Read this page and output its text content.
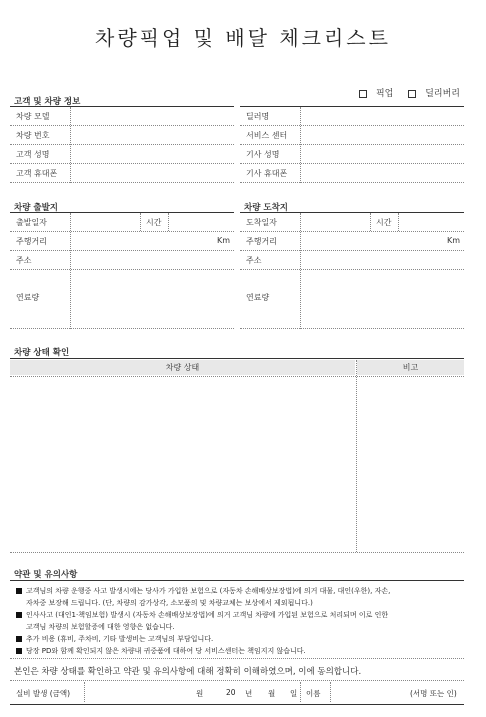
차량픽업 및 배달 체크리스트
픽업	딜리버리
고객 및 차량 정보
차량 모델
차량 번호
고객 성명
고객 휴대폰
딜러명
서비스 센터
기사 성명
기사 휴대폰
차량 출발지	차량 도착지
출발일자	시간
주행거리	Km
주소
연료량
도착일자	시간
주행거리	Km
주소
연료량
차량 상태 확인
차량 상태	비고
약관 및 유의사항
고객님의 차량 운행중 사고 발생시에는 당사가 가입한 보험으로 (자동차 손해배상보장법)에 의거 대물, 대인(우한), 자손,
자차중 보장해 드립니다. (단, 차량의 감가상각, 소모품의 및 차량교체는 보상에서 제외됩니다.)
인사사고 (대인1·책임보험) 발생시 (자동차 손해배상보장법)에 의거 고객님 차량에 가입된 보험으로 처리되며 이로 인한
고객님 차량의 보험할증에 대한 영향은 없습니다.
추가 비용 (휴비, 주차비, 기타 발생비는 고객님의 부담입니다.
당장 PD와 함께 확인되지 않은 차량내 귀중품에 대하여 당 서비스센터는 책임지지 않습니다.
본인은 차량 상태를 확인하고 약관 및 유의사항에 대해 정확히 이해하였으며, 이에 동의합니다.
실비 발생 (금액)	원	20 년 월 일 이름	(서명 또는 인)
